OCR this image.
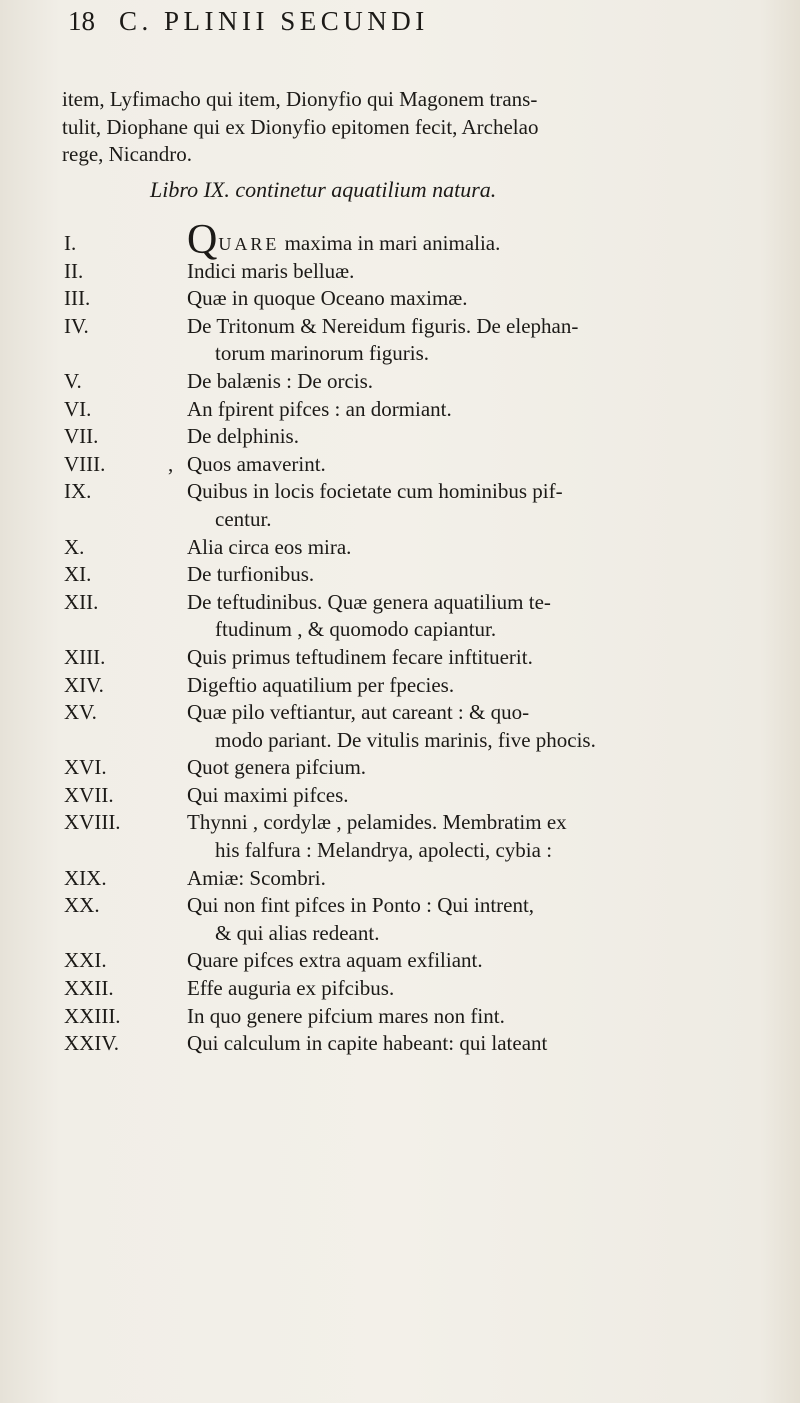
18 C. PLINII SECUNDI
item, Lyfimacho qui item, Dionyfio qui Magonem trans-
tulit, Diophane qui ex Dionyfio epitomen fecit, Archelao
rege, Nicandro.
Libro IX. continetur aquatilium natura.
I.	QUARE maxima in mari animalia.
II.	Indici maris belluæ.
III.	Quæ in quoque Oceano maximæ.
IV.	De Tritonum & Nereidum figuris. De elephan-
torum marinorum figuris.
V.	De balænis : De orcis.
VI.	An fpirent pifces : an dormiant.
VII.	De delphinis.
VIII.	, Quos amaverint.
IX.	Quibus in locis focietate cum hominibus pif-
centur.
X.	Alia circa eos mira.
XI.	De turfionibus.
XII.	De teftudinibus. Quæ genera aquatilium te-
ftudinum , & quomodo capiantur.
XIII.	Quis primus teftudinem fecare inftituerit.
XIV.	Digeftio aquatilium per fpecies.
XV.	Quæ pilo veftiantur, aut careant : & quo-
modo pariant. De vitulis marinis, five phocis.
XVI.	Quot genera pifcium.
XVII.	Qui maximi pifces.
XVIII.	Thynni , cordylæ , pelamides. Membratim ex
his falfura : Melandrya, apolecti, cybia :
XIX.	Amiæ: Scombri.
XX.	Qui non fint pifces in Ponto : Qui intrent,
& qui alias redeant.
XXI.	Quare pifces extra aquam exfiliant.
XXII.	Effe auguria ex pifcibus.
XXIII.	In quo genere pifcium mares non fint.
XXIV.	Qui calculum in capite habeant: qui lateant
